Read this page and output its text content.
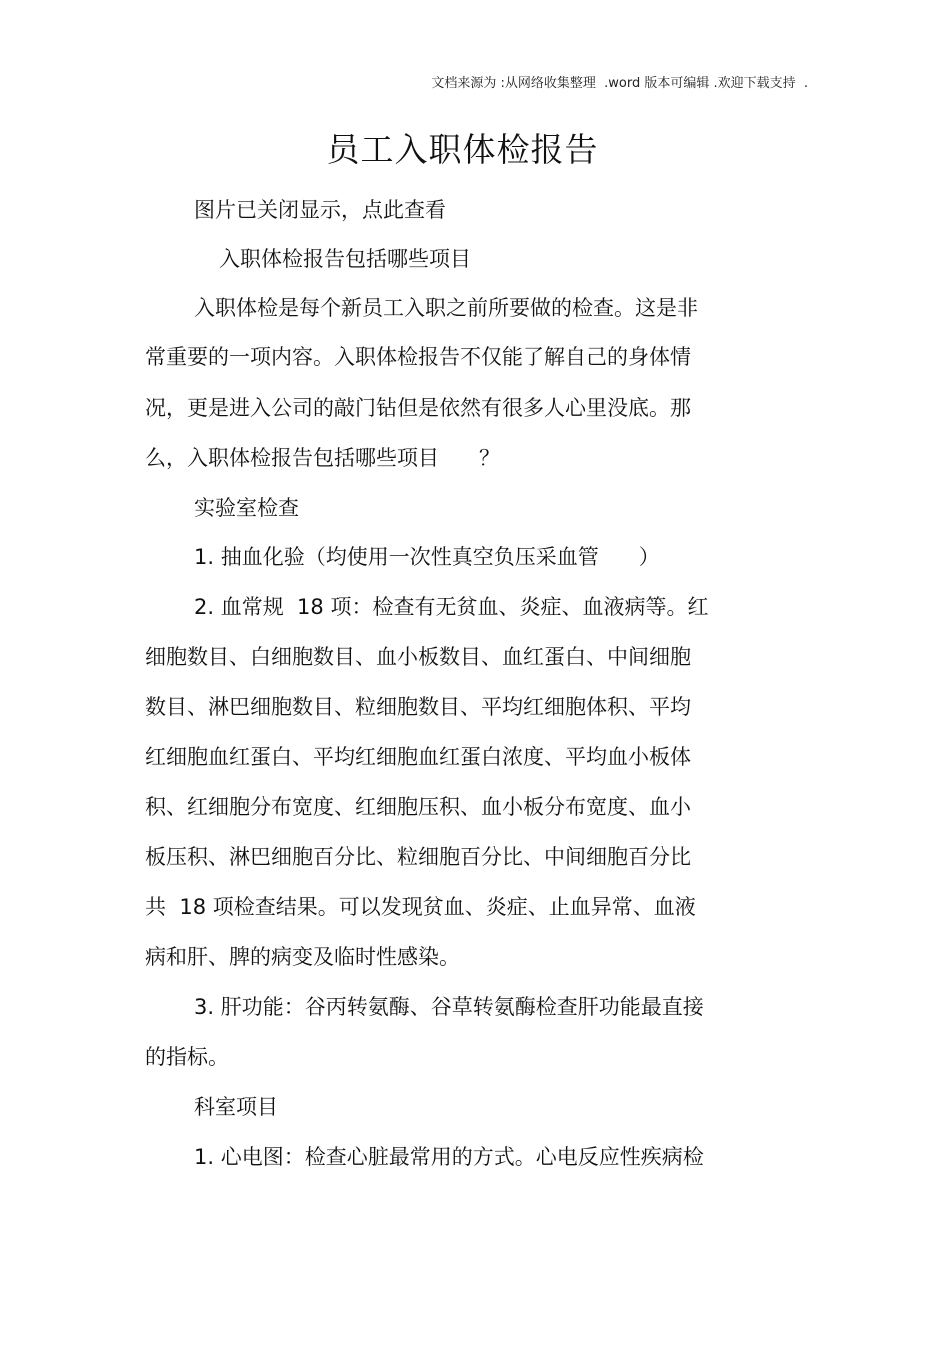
文档来源为 :从网络收集整理  .word 版本可编辑 .欢迎下载支持  .
员工入职体检报告
图片已关闭显示，点此查看
入职体检报告包括哪些项目
入职体检是每个新员工入职之前所要做的检查。这是非
常重要的一项内容。入职体检报告不仅能了解自己的身体情
况，更是进入公司的敲门钻但是依然有很多人心里没底。那
么，入职体检报告包括哪些项目      ？
实验室检查
1. 抽血化验（均使用一次性真空负压采血管      ）
2. 血常规  18 项：检查有无贫血、炎症、血液病等。红
细胞数目、白细胞数目、血小板数目、血红蛋白、中间细胞
数目、淋巴细胞数目、粒细胞数目、平均红细胞体积、平均
红细胞血红蛋白、平均红细胞血红蛋白浓度、平均血小板体
积、红细胞分布宽度、红细胞压积、血小板分布宽度、血小
板压积、淋巴细胞百分比、粒细胞百分比、中间细胞百分比
共  18 项检查结果。可以发现贫血、炎症、止血异常、血液
病和肝、脾的病变及临时性感染。
3. 肝功能：谷丙转氨酶、谷草转氨酶检查肝功能最直接
的指标。
科室项目
1. 心电图：检查心脏最常用的方式。心电反应性疾病检
